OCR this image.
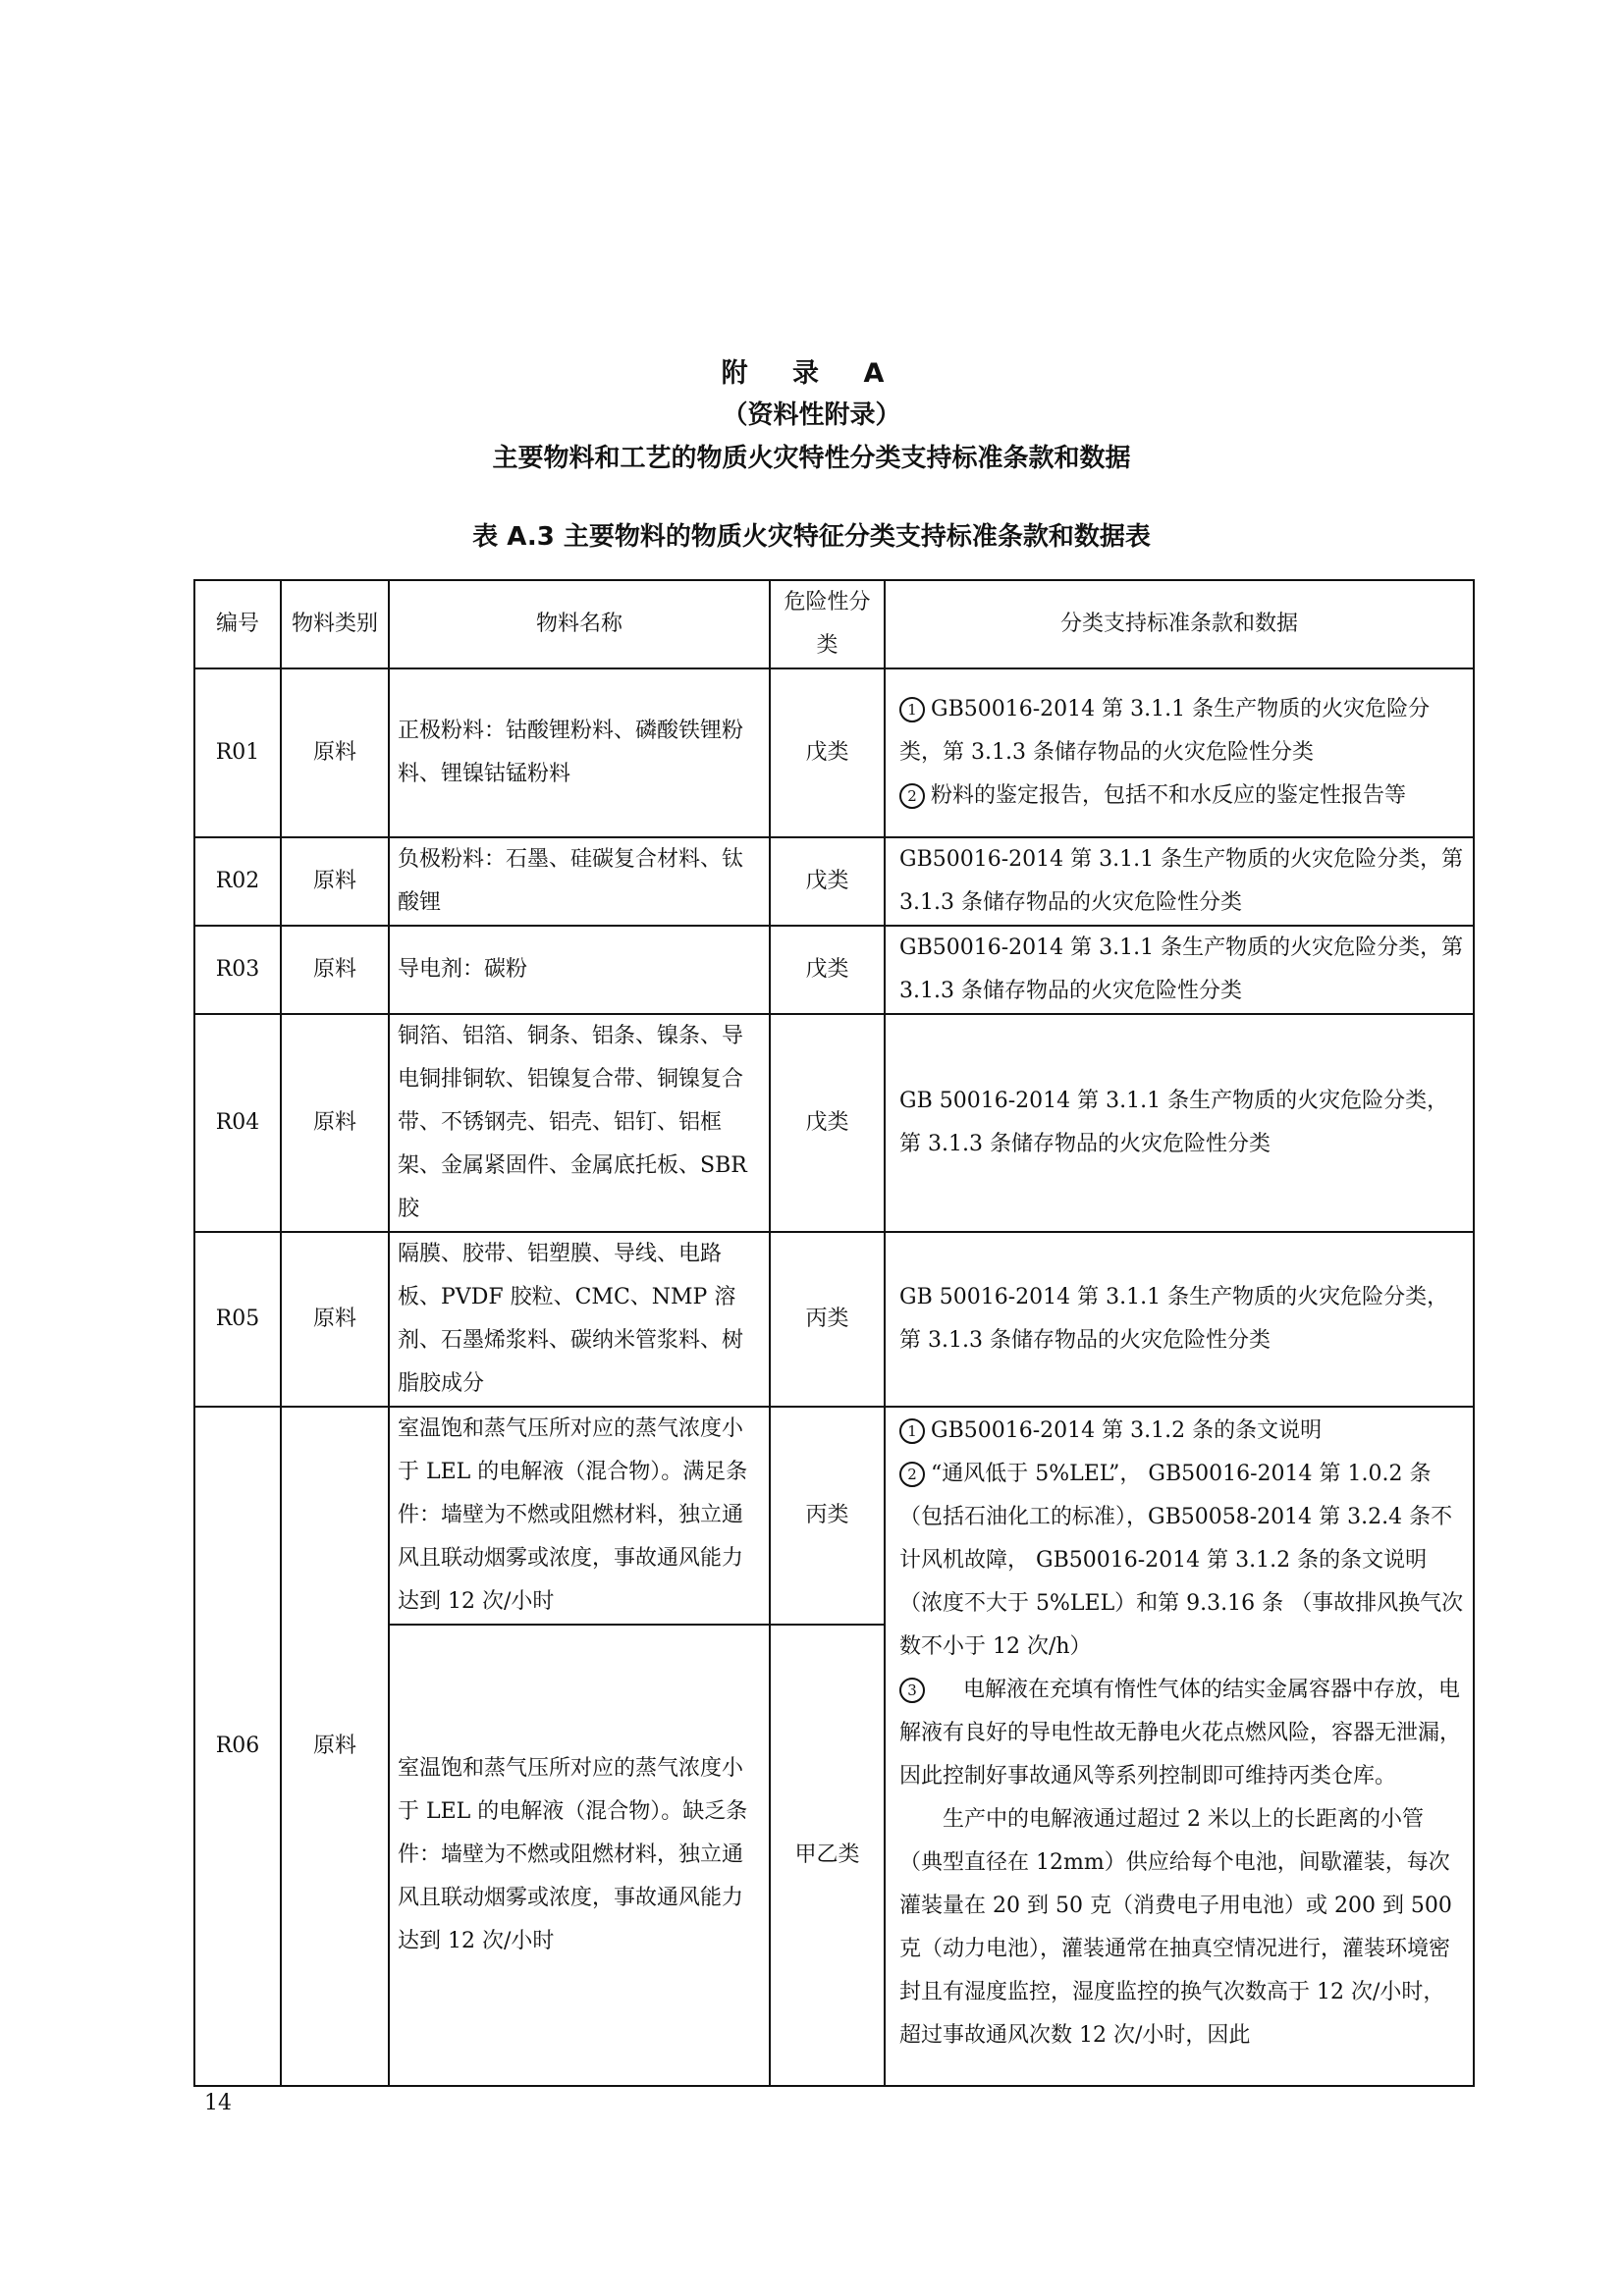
附 录 A
（资料性附录）
主要物料和工艺的物质火灾特性分类支持标准条款和数据
表 A.3 主要物料的物质火灾特征分类支持标准条款和数据表
编号	物料类别	物料名称	危险性分类	分类支持标准条款和数据
R01	原料	正极粉料：钴酸锂粉料、磷酸铁锂粉料、锂镍钴锰粉料	戊类	1 GB50016-2014 第 3.1.1 条生产物质的火灾危险分类，第 3.1.3 条储存物品的火灾危险性分类

2 粉料的鉴定报告，包括不和水反应的鉴定性报告等

R02	原料	负极粉料：石墨、硅碳复合材料、钛酸锂	戊类	GB50016-2014 第 3.1.1 条生产物质的火灾危险分类，第 3.1.3 条储存物品的火灾危险性分类
R03	原料	导电剂：碳粉	戊类	GB50016-2014 第 3.1.1 条生产物质的火灾危险分类，第 3.1.3 条储存物品的火灾危险性分类
R04	原料	铜箔、铝箔、铜条、铝条、镍条、导电铜排铜软、铝镍复合带、铜镍复合带、不锈钢壳、铝壳、铝钉、铝框架、金属紧固件、金属底托板、SBR 胶	戊类	GB 50016-2014 第 3.1.1 条生产物质的火灾危险分类，第 3.1.3 条储存物品的火灾危险性分类
R05	原料	隔膜、胶带、铝塑膜、导线、电路板、PVDF 胶粒、CMC、NMP 溶剂、石墨烯浆料、碳纳米管浆料、树脂胶成分	丙类	GB 50016-2014 第 3.1.1 条生产物质的火灾危险分类，第 3.1.3 条储存物品的火灾危险性分类
R06	原料	室温饱和蒸气压所对应的蒸气浓度小于 LEL 的电解液（混合物）。满足条件：墙壁为不燃或阻燃材料，独立通风且联动烟雾或浓度，事故通风能力达到 12 次/小时	丙类	1 GB50016-2014 第 3.1.2 条的条文说明

2 “通风低于 5%LEL”， GB50016-2014 第 1.0.2 条（包括石油化工的标准），GB50058-2014 第 3.2.4 条不计风机故障， GB50016-2014 第 3.1.2 条的条文说明 （浓度不大于 5%LEL）和第 9.3.16 条 （事故排风换气次数不小于 12 次/h）

3 电解液在充填有惰性气体的结实金属容器中存放，电解液有良好的导电性故无静电火花点燃风险，容器无泄漏，因此控制好事故通风等系列控制即可维持丙类仓库。

生产中的电解液通过超过 2 米以上的长距离的小管（典型直径在 12mm）供应给每个电池，间歇灌装，每次灌装量在 20 到 50 克（消费电子用电池）或 200 到 500 克（动力电池），灌装通常在抽真空情况进行，灌装环境密封且有湿度监控，湿度监控的换气次数高于 12 次/小时，超过事故通风次数 12 次/小时，因此

		室温饱和蒸气压所对应的蒸气浓度小于 LEL 的电解液（混合物）。缺乏条件：墙壁为不燃或阻燃材料，独立通风且联动烟雾或浓度，事故通风能力达到 12 次/小时	甲乙类	
14
